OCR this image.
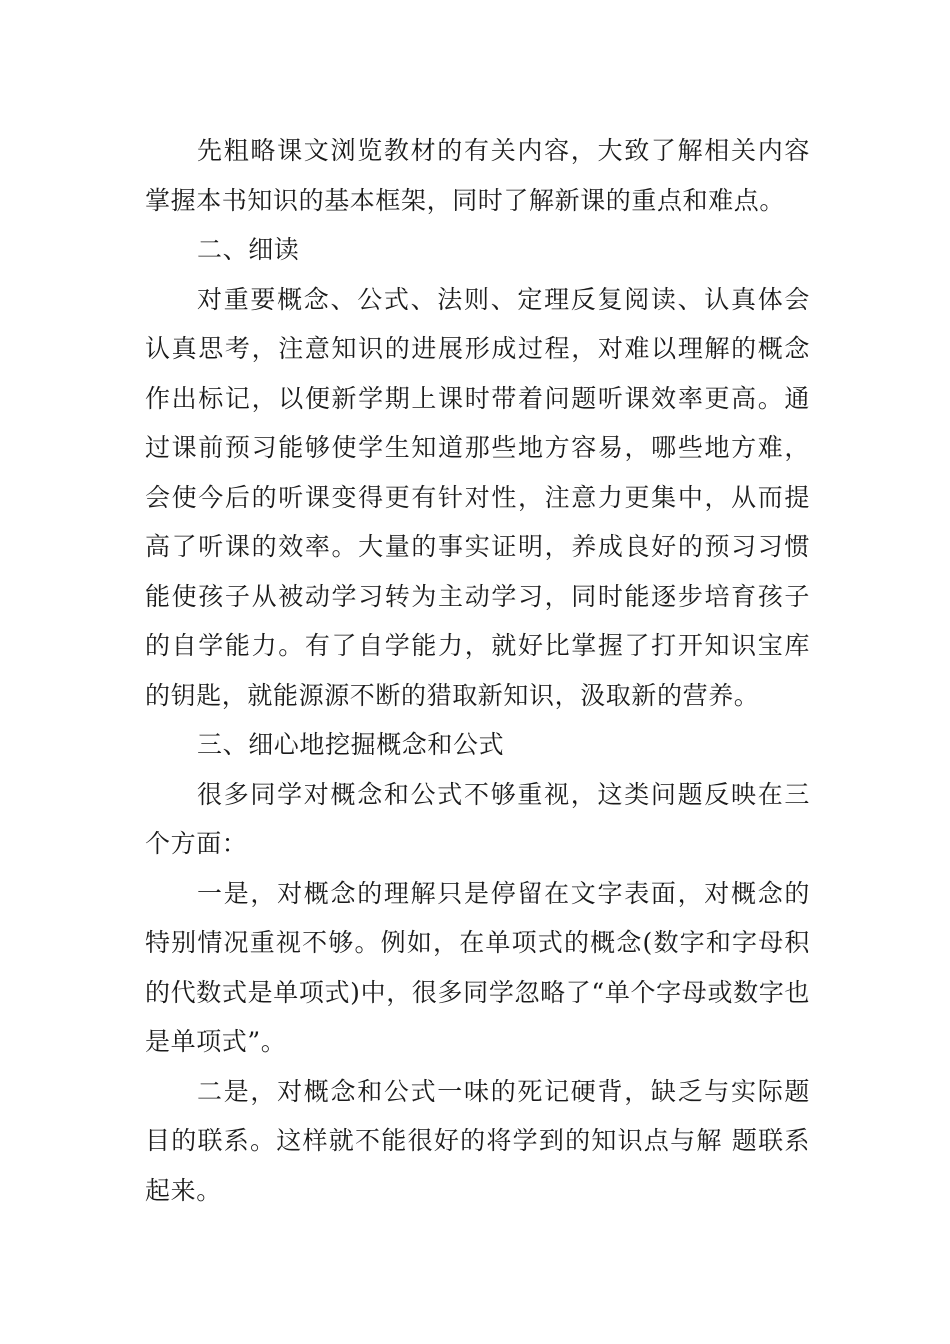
先粗略课文浏览教材的有关内容，大致了解相关内容掌握本书知识的基本框架，同时了解新课的重点和难点。

二、细读

对重要概念、公式、法则、定理反复阅读、认真体会认真思考，注意知识的进展形成过程，对难以理解的概念作出标记，以便新学期上课时带着问题听课效率更高。通过课前预习能够使学生知道那些地方容易，哪些地方难，会使今后的听课变得更有针对性，注意力更集中，从而提高了听课的效率。大量的事实证明，养成良好的预习习惯能使孩子从被动学习转为主动学习，同时能逐步培育孩子的自学能力。有了自学能力，就好比掌握了打开知识宝库的钥匙，就能源源不断的猎取新知识，汲取新的营养。

三、细心地挖掘概念和公式

很多同学对概念和公式不够重视，这类问题反映在三个方面：

一是，对概念的理解只是停留在文字表面，对概念的特别情况重视不够。例如，在单项式的概念(数字和字母积的代数式是单项式)中，很多同学忽略了“单个字母或数字也是单项式”。

二是，对概念和公式一味的死记硬背，缺乏与实际题目的联系。这样就不能很好的将学到的知识点与解 题联系起来。
